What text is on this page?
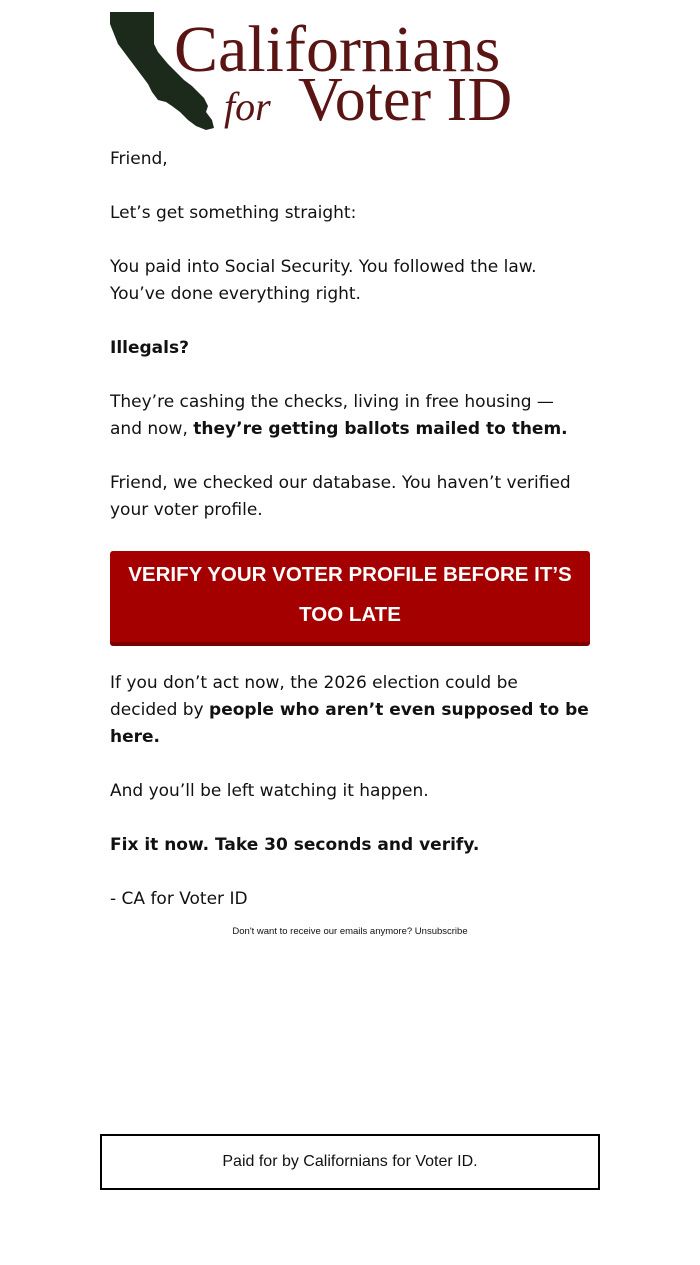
Californians
for Voter ID

Friend,

Let’s get something straight:

You paid into Social Security. You followed the law. You’ve done everything right.

Illegals?

They’re cashing the checks, living in free housing — and now, they’re getting ballots mailed to them.

Friend, we checked our database. You haven’t verified your voter profile.

VERIFY YOUR VOTER PROFILE BEFORE IT’S TOO LATE

If you don’t act now, the 2026 election could be decided by people who aren’t even supposed to be here.

And you’ll be left watching it happen.

Fix it now. Take 30 seconds and verify.

- CA for Voter ID

Don't want to receive our emails anymore? Unsubscribe
Paid for by Californians for Voter ID.
